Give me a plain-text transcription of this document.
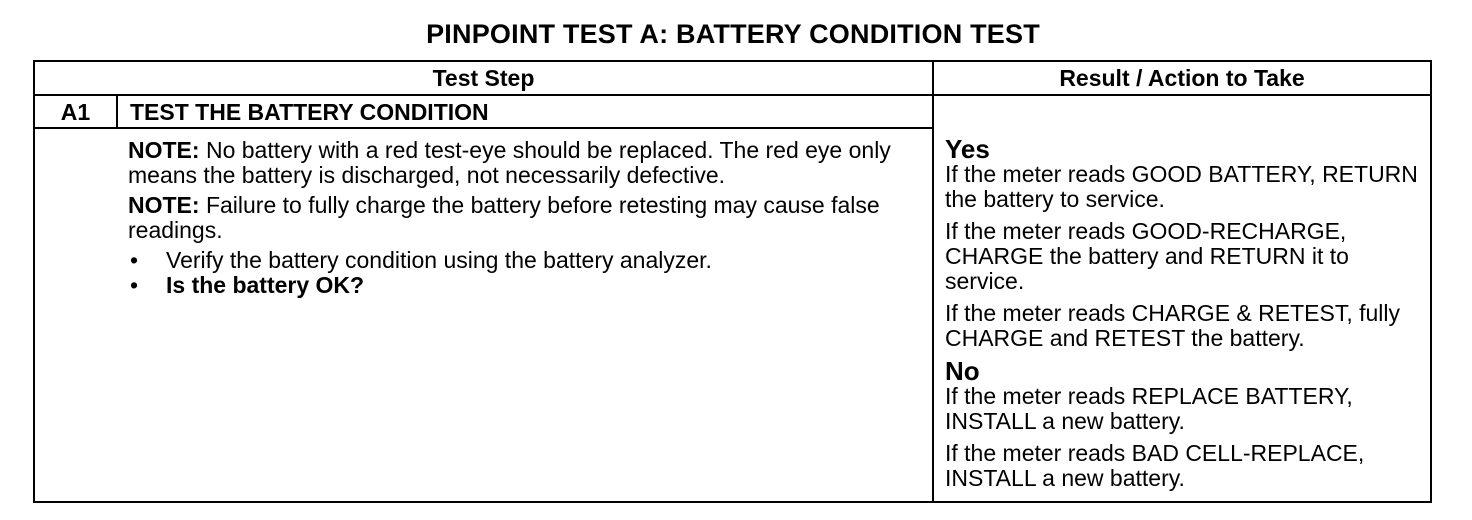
PINPOINT TEST A: BATTERY CONDITION TEST
Test Step	Result / Action to Take
A1	TEST THE BATTERY CONDITION

NOTE: No battery with a red test-eye should be replaced. The red eye only means the battery is discharged, not necessarily defective.

NOTE: Failure to fully charge the battery before retesting may cause false readings.

• Verify the battery condition using the battery analyzer.
• Is the battery OK?

Yes

If the meter reads GOOD BATTERY, RETURN the battery to service.

If the meter reads GOOD-RECHARGE, CHARGE the battery and RETURN it to service.

If the meter reads CHARGE & RETEST, fully CHARGE and RETEST the battery.

No

If the meter reads REPLACE BATTERY, INSTALL a new battery.

If the meter reads BAD CELL-REPLACE, INSTALL a new battery.
